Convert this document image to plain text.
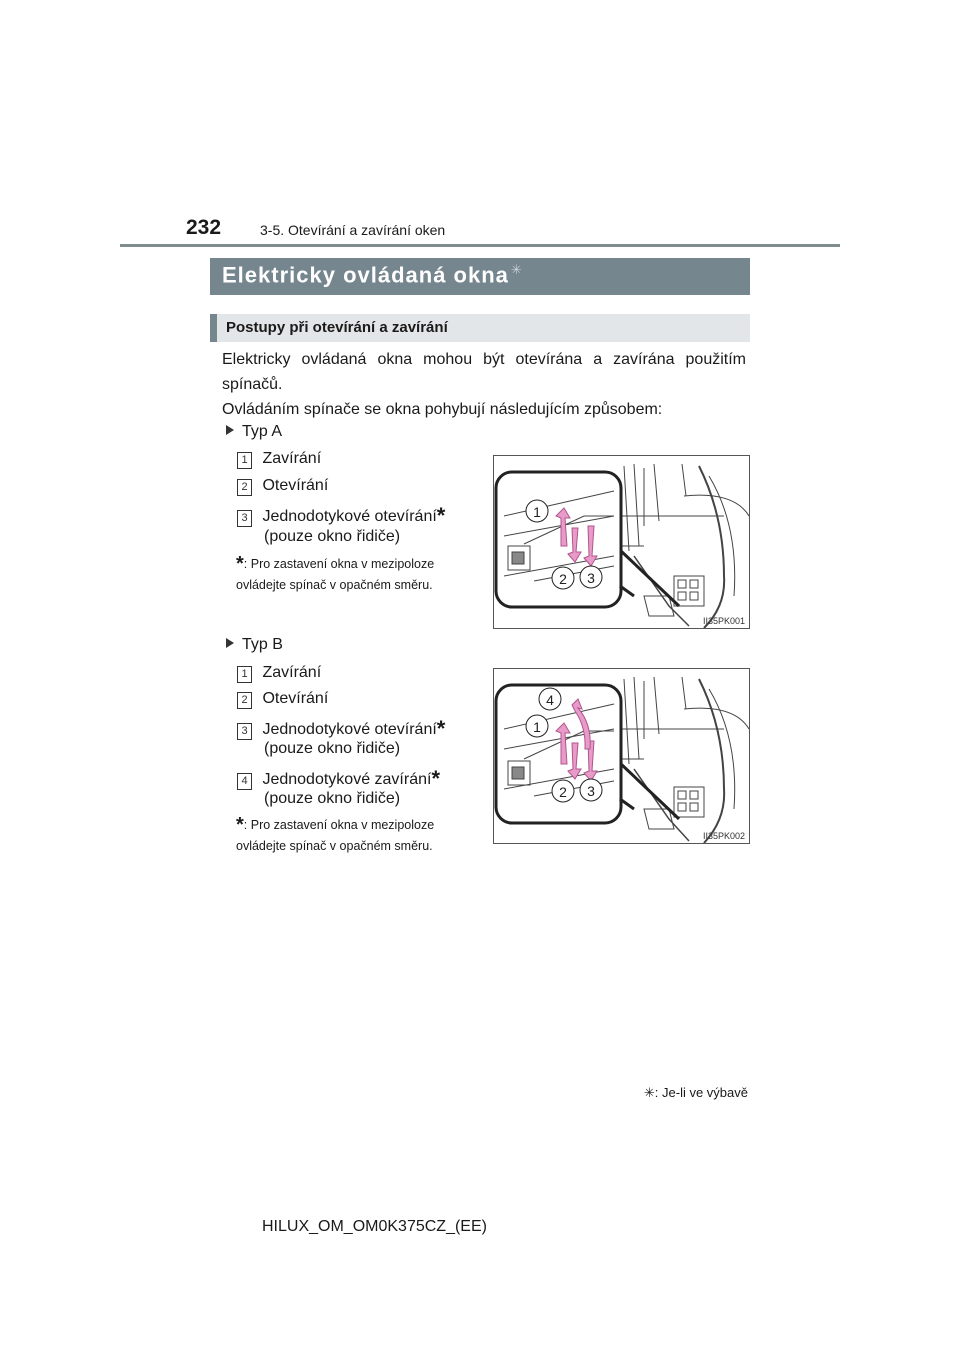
232	3-5. Otevírání a zavírání oken
Elektricky ovládaná okna ✳
Postupy při otevírání a zavírání
Elektricky ovládaná okna mohou být otevírána a zavírána použitím spínačů.
Ovládáním spínače se okna pohybují následujícím způsobem:
Typ A
1 Zavírání
2 Otevírání
3 Jednodotykové otevírání*
(pouze okno řidiče)
*: Pro zastavení okna v mezipoloze ovládejte spínač v opačném směru.
1
2 3
II35PK001
Typ B
1 Zavírání
2 Otevírání
3 Jednodotykové otevírání*
(pouze okno řidiče)
4 Jednodotykové zavírání*
(pouze okno řidiče)
*: Pro zastavení okna v mezipoloze ovládejte spínač v opačném směru.
4
1
2 3
II35PK002
✳: Je-li ve výbavě
HILUX_OM_OM0K375CZ_(EE)
